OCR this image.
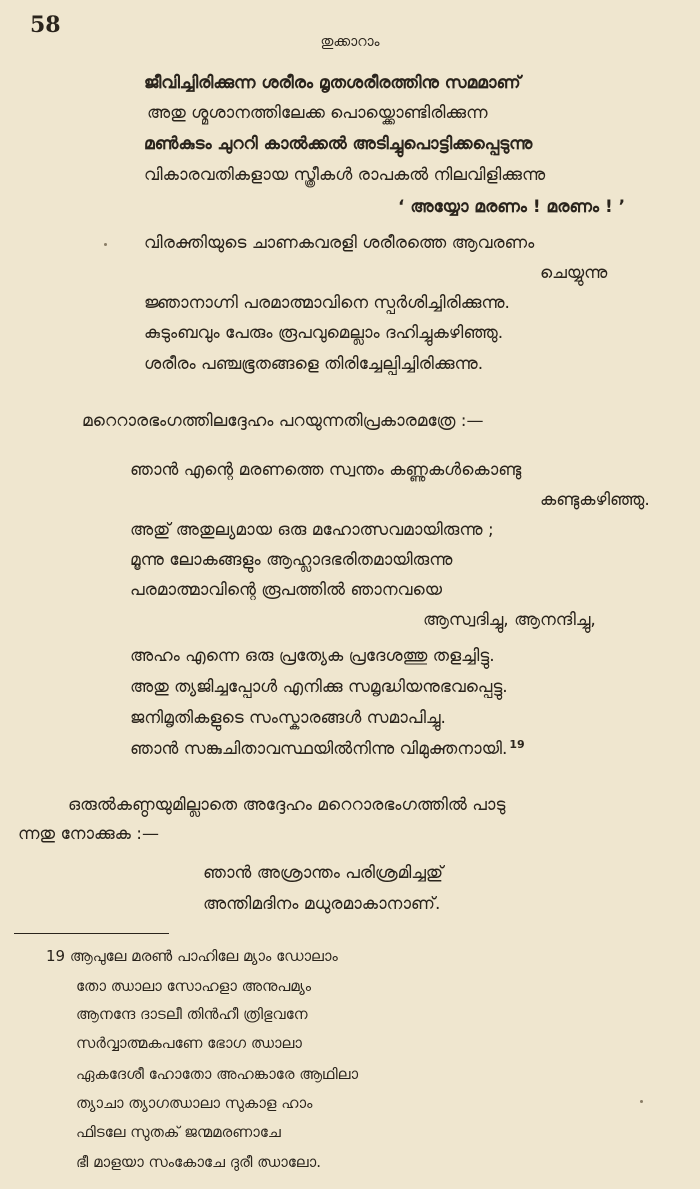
58
തുക്കാറാം
ജീവിച്ചിരിക്കുന്ന ശരീരം മൃതശരീരത്തിനു സമമാണ്
അതു ശ്മശാനത്തിലേക്ക പൊയ്ക്കൊണ്ടിരിക്കുന്ന
മൺകുടം ചുററി കാൽക്കൽ അടിച്ചുപൊട്ടിക്കപ്പെടുന്നു
വികാരവതികളായ സ്ത്രീകൾ രാപകൽ നിലവിളിക്കുന്നു
‘ അയ്യോ മരണം ! മരണം ! ’
വിരക്തിയുടെ ചാണകവരളി ശരീരത്തെ ആവരണം
ചെയ്യുന്നു
ജ്ഞാനാഗ്നി പരമാത്മാവിനെ സ്പർശിച്ചിരിക്കുന്നു.
കുടുംബവും പേരും രൂപവുമെല്ലാം ദഹിച്ചുകഴിഞ്ഞു.
ശരീരം പഞ്ചഭൂതങ്ങളെ തിരിച്ചേല്പിച്ചിരിക്കുന്നു.
മറെറാരഭംഗത്തിലദ്ദേഹം പറയുന്നതിപ്രകാരമത്രേ :—
ഞാൻ എന്റെ മരണത്തെ സ്വന്തം കണ്ണുകൾകൊണ്ടു
കണ്ടുകഴിഞ്ഞു.
അതു് അതുല്യമായ ഒരു മഹോത്സവമായിരുന്നു ;
മൂന്നു ലോകങ്ങളും ആഹ്ലാദഭരിതമായിരുന്നു
പരമാത്മാവിന്റെ രൂപത്തിൽ ഞാനവയെ
ആസ്വദിച്ചു, ആനന്ദിച്ചു,
അഹം എന്നെ ഒരു പ്രത്യേക പ്രദേശത്തു തളച്ചിട്ടു.
അതു ത്യജിച്ചപ്പോൾ എനിക്കു സമൃദ്ധിയനുഭവപ്പെട്ടു.
ജനിമൃതികളുടെ സംസ്കാരങ്ങൾ സമാപിച്ചു.
ഞാൻ സങ്കുചിതാവസ്ഥയിൽനിന്നു വിമുക്തനായി. $^{19}$
ഒരുൽകണ്ഠയുമില്ലാതെ അദ്ദേഹം മറെറാരഭംഗത്തിൽ പാടു
ന്നതു നോക്കുക :—
ഞാൻ അശ്രാന്തം പരിശ്രമിച്ചതു്
അന്തിമദിനം മധുരമാകാനാണ്.
19 ആപുലേ മരൺ പാഹിലേ മ്യാം ഡോലാം
തോ ഝാലാ സോഹളാ അനുപമ്യം
ആനന്ദേ ദാടലീ തിൻഹീ ത്രിഭുവനേ
സർവ്വാത്മകപണേ ഭോഗ ഝാലാ
ഏകദേശീ ഹോതോ അഹങ്കാരേ ആഥിലാ
ത്യാചാ ത്യാഗഝാലാ സുകാള ഹാം
ഫിടലേ സുതക് ജന്മമരണാചേ
ഭീ മാളയാ സംകോചേ ദുരീ ഝാലോ.
